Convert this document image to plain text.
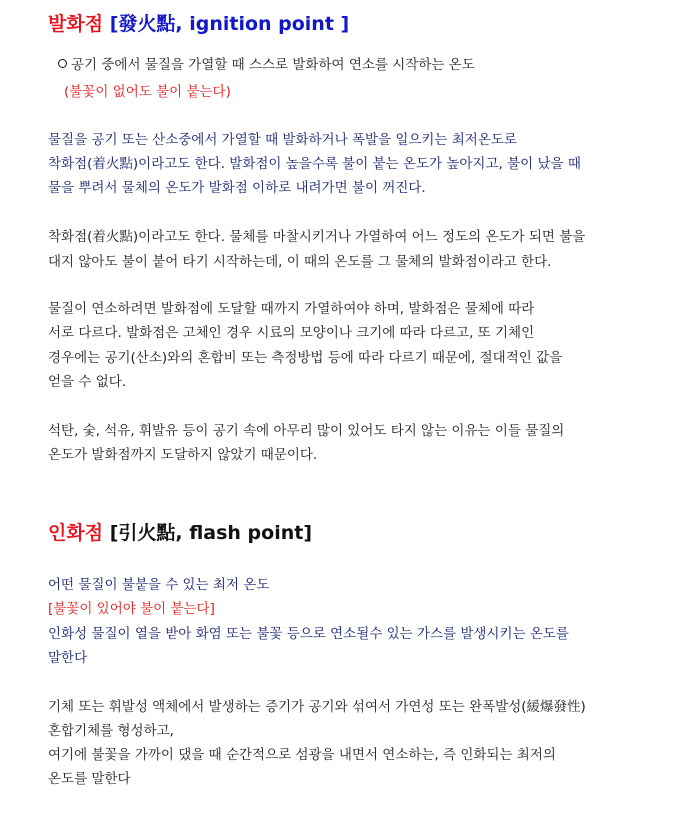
발화점 [發火點, ignition point ]
공기 중에서 물질을 가열할 때 스스로 발화하여 연소를 시작하는 온도
(불꽃이 없어도 불이 붙는다)
물질을 공기 또는 산소중에서 가열할 때 발화하거나 폭발을 일으키는 최저온도로
착화점(着火點)이라고도 한다. 발화점이 높을수록 불이 붙는 온도가 높아지고, 불이 났을 때
물을 뿌려서 물체의 온도가 발화점 이하로 내려가면 불이 꺼진다.
착화점(着火點)이라고도 한다. 물체를 마찰시키거나 가열하여 어느 정도의 온도가 되면 불을
대지 않아도 불이 붙어 타기 시작하는데, 이 때의 온도를 그 물체의 발화점이라고 한다.
물질이 연소하려면 발화점에 도달할 때까지 가열하여야 하며, 발화점은 물체에 따라
서로 다르다. 발화점은 고체인 경우 시료의 모양이나 크기에 따라 다르고, 또 기체인
경우에는 공기(산소)와의 혼합비 또는 측정방법 등에 따라 다르기 때문에, 절대적인 값을
얻을 수 없다.
석탄, 숯, 석유, 휘발유 등이 공기 속에 아무리 많이 있어도 타지 않는 이유는 이들 물질의
온도가 발화점까지 도달하지 않았기 때문이다.
인화점 [引火點, flash point]
어떤 물질이 불붙을 수 있는 최저 온도
[불꽃이 있어야 불이 붙는다]
인화성 물질이 열을 받아 화염 또는 불꽃 등으로 연소될수 있는 가스를 발생시키는 온도를
말한다
기체 또는 휘발성 액체에서 발생하는 증기가 공기와 섞여서 가연성 또는 완폭발성(緩爆發性)
혼합기체를 형성하고,
여기에 불꽃을 가까이 댔을 때 순간적으로 섬광을 내면서 연소하는, 즉 인화되는 최저의
온도를 말한다
